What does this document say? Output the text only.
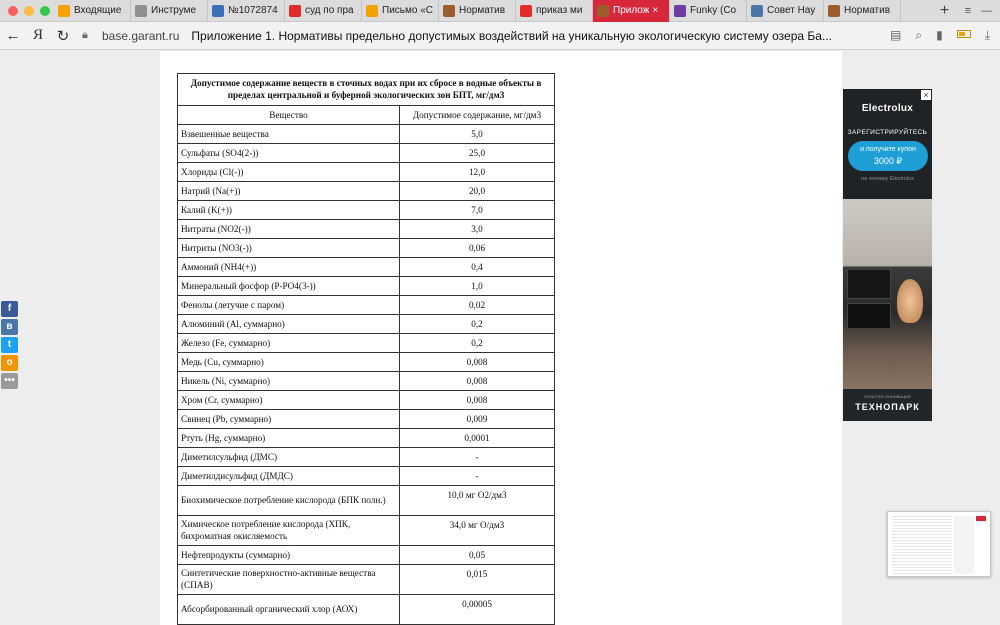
Входящие	Инструме	№1072874	суд по пра	Письмо «С	Норматив	приказ ми	Прилож ×	Funky (Co	Совет Нау	Норматив	+	≡ —
← Я ↻	🔒︎	base.garant.ru Приложение 1. Нормативы предельно допустимых воздействий на уникальную экологическую систему озера Ба...	▤ ⌕ ▮	⤓
Допустимое содержание веществ в сточных водах при их сбросе в водные объекты в пределах центральной и буферной экологических зон БПТ, мг/дм3	
Вещество	Допустимое содержание, мг/дм3
Взвешенные вещества	5,0
Сульфаты (SO4(2-))	25,0
Хлориды (Cl(-))	12,0
Натрий (Na(+))	20,0
Калий (K(+))	7,0
Нитраты (NO2(-))	3,0
Нитриты (NO3(-))	0,06
Аммоний (NH4(+))	0,4
Минеральный фосфор (P-PO4(3-))	1,0
Фенолы (летучие с паром)	0,02
Алюминий (Al, суммарно)	0,2
Железо (Fe, суммарно)	0,2
Медь (Cu, суммарно)	0,008
Никель (Ni, суммарно)	0,008
Хром (Cr, суммарно)	0,008
Свинец (Pb, суммарно)	0,009
Ртуть (Hg, суммарно)	0,0001
Диметилсульфид (ДМС)	-
Диметилдисульфид (ДМДС)	-
Биохимическое потребление кислорода (БПК полн.)	10,0 мг O2/дм3
Химическое потребление кислорода (ХПК, бихроматная окисляемость	34,0 мг O/дм3
Нефтепродукты (суммарно)	0,05
Синтетические поверхностно-активные вещества (СПАВ)	0,015
Абсорбированный органический хлор (АОХ)	0,00005
f
в
t
о
•••
Electrolux
ЗАРЕГИСТРИРУЙТЕСЬ
и получите купон
3000 ₽
на технику Electrolux
×
КУЛЬТУРА ИННОВАЦИЙ
ТЕХНОПАРК
